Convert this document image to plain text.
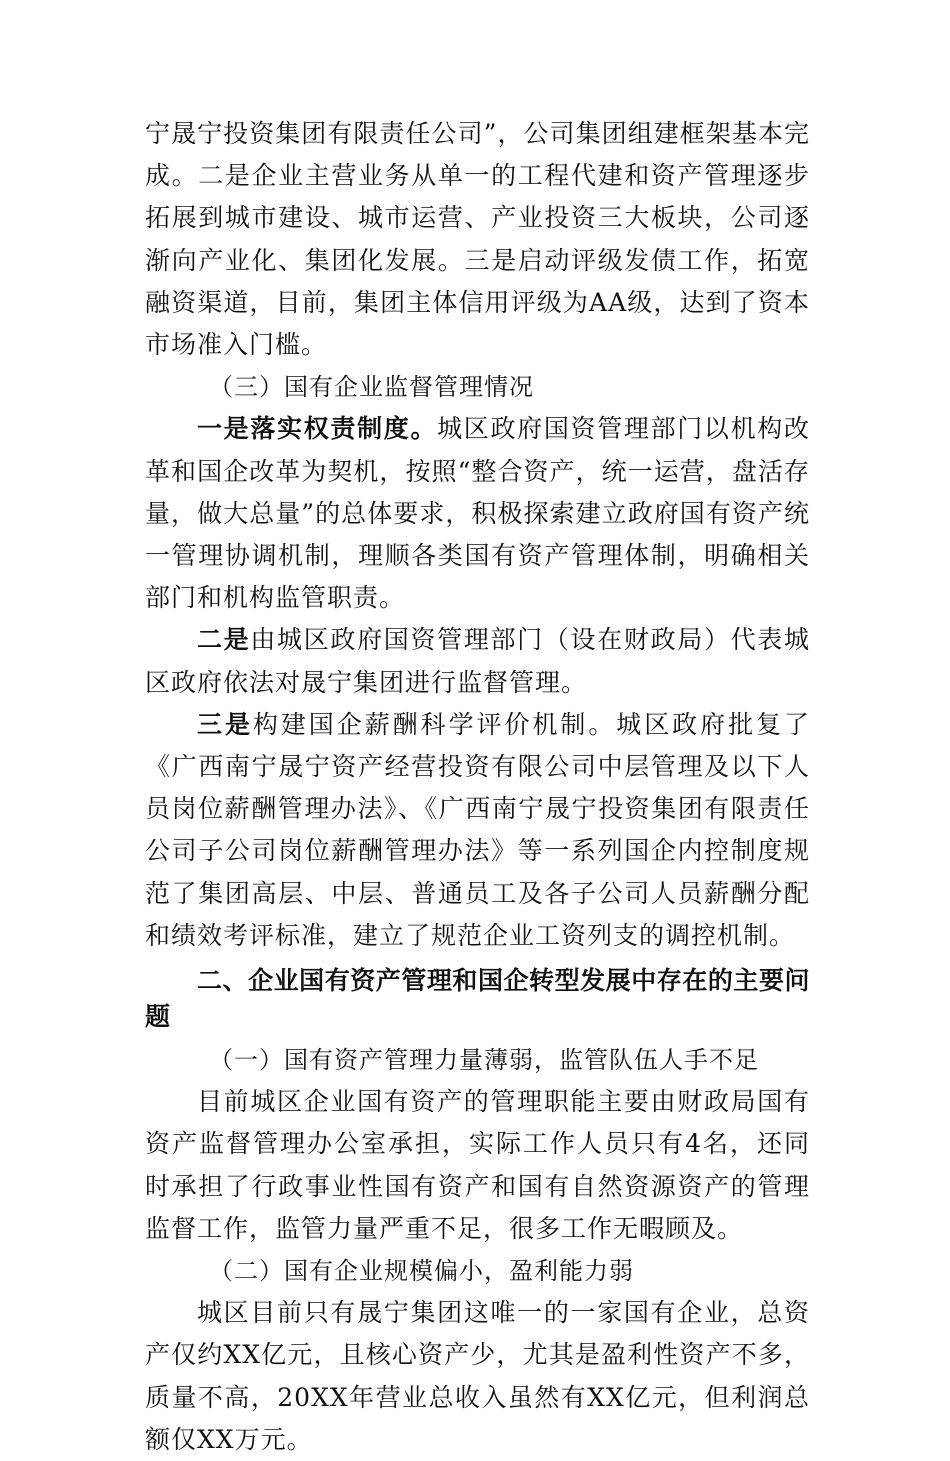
宁晟宁投资集团有限责任公司”，公司集团组建框架基本完成。二是企业主营业务从单一的工程代建和资产管理逐步拓展到城市建设、城市运营、产业投资三大板块，公司逐渐向产业化、集团化发展。三是启动评级发债工作，拓宽融资渠道，目前，集团主体信用评级为AA级，达到了资本市场准入门槛。

（三）国有企业监督管理情况

一是落实权责制度。城区政府国资管理部门以机构改革和国企改革为契机，按照“整合资产，统一运营，盘活存量，做大总量”的总体要求，积极探索建立政府国有资产统一管理协调机制，理顺各类国有资产管理体制，明确相关部门和机构监管职责。

二是由城区政府国资管理部门（设在财政局）代表城区政府依法对晟宁集团进行监督管理。

三是构建国企薪酬科学评价机制。城区政府批复了《广西南宁晟宁资产经营投资有限公司中层管理及以下人员岗位薪酬管理办法》、《广西南宁晟宁投资集团有限责任公司子公司岗位薪酬管理办法》等一系列国企内控制度规范了集团高层、中层、普通员工及各子公司人员薪酬分配和绩效考评标准，建立了规范企业工资列支的调控机制。

二、企业国有资产管理和国企转型发展中存在的主要问题

（一）国有资产管理力量薄弱，监管队伍人手不足

目前城区企业国有资产的管理职能主要由财政局国有资产监督管理办公室承担，实际工作人员只有4名，还同时承担了行政事业性国有资产和国有自然资源资产的管理监督工作，监管力量严重不足，很多工作无暇顾及。

（二）国有企业规模偏小，盈利能力弱

城区目前只有晟宁集团这唯一的一家国有企业，总资产仅约XX亿元，且核心资产少，尤其是盈利性资产不多，质量不高，20XX年营业总收入虽然有XX亿元，但利润总额仅XX万元。
